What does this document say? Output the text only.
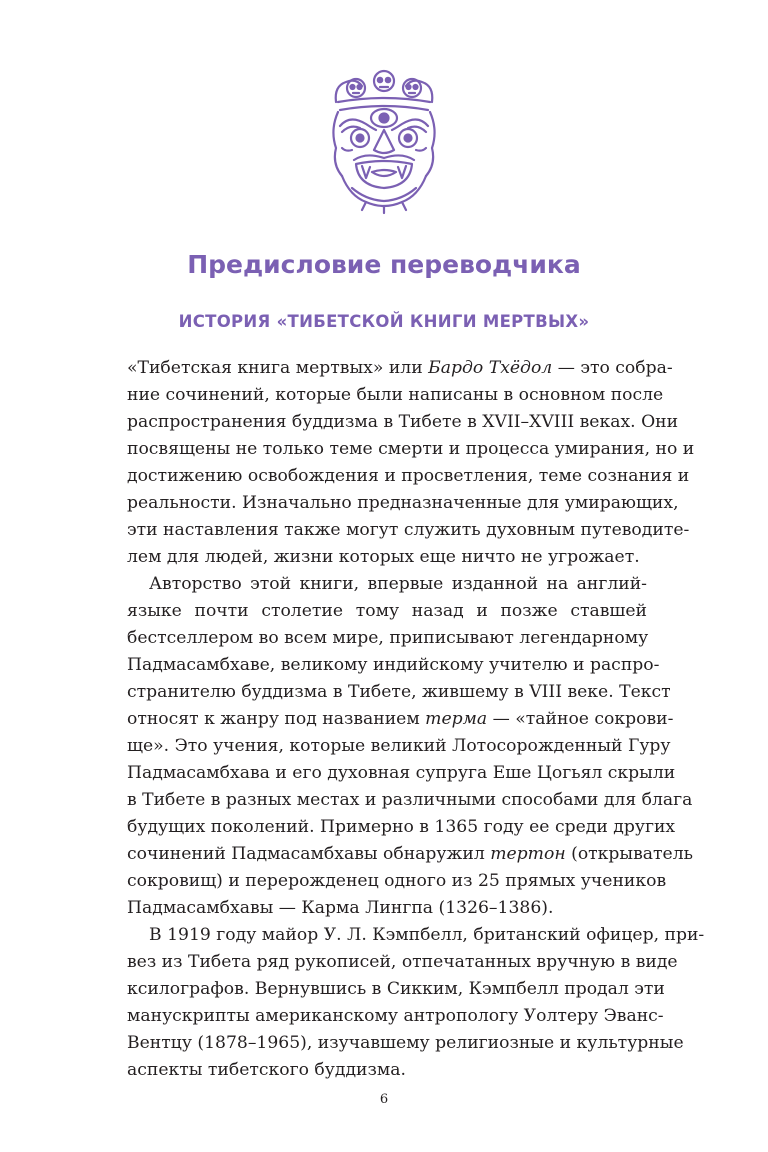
Предисловие переводчика
ИСТОРИЯ «ТИБЕТСКОЙ КНИГИ МЕРТВЫХ»
«Тибетская книга мертвых» или Бардо Тхёдол — это собра-
ние сочинений, которые были написаны в основном после
распространения буддизма в Тибете в XVII–XVIII веках. Они
посвящены не только теме смерти и процесса умирания, но и
достижению освобождения и просветления, теме сознания и
реальности. Изначально предназначенные для умирающих,
эти наставления также могут служить духовным путеводите-
лем для людей, жизни которых еще ничто не угрожает.
Авторство этой книги, впервые изданной на англий-
языке почти столетие тому назад и позже ставшей
бестселлером во всем мире, приписывают легендарному
Падмасамбхаве, великому индийскому учителю и распро-
странителю буддизма в Тибете, жившему в VIII веке. Текст
относят к жанру под названием терма — «тайное сокрови-
ще». Это учения, которые великий Лотосорожденный Гуру
Падмасамбхава и его духовная супруга Еше Цогьял скрыли
в Тибете в разных местах и различными способами для блага
будущих поколений. Примерно в 1365 году ее среди других
сочинений Падмасамбхавы обнаружил тертон (открыватель
сокровищ) и перерожденец одного из 25 прямых учеников
Падмасамбхавы — Карма Лингпа (1326–1386).
В 1919 году майор У. Л. Кэмпбелл, британский офицер, при-
вез из Тибета ряд рукописей, отпечатанных вручную в виде
ксилографов. Вернувшись в Сикким, Кэмпбелл продал эти
манускрипты американскому антропологу Уолтеру Эванс-
Вентцу (1878–1965), изучавшему религиозные и культурные
аспекты тибетского буддизма.

6
